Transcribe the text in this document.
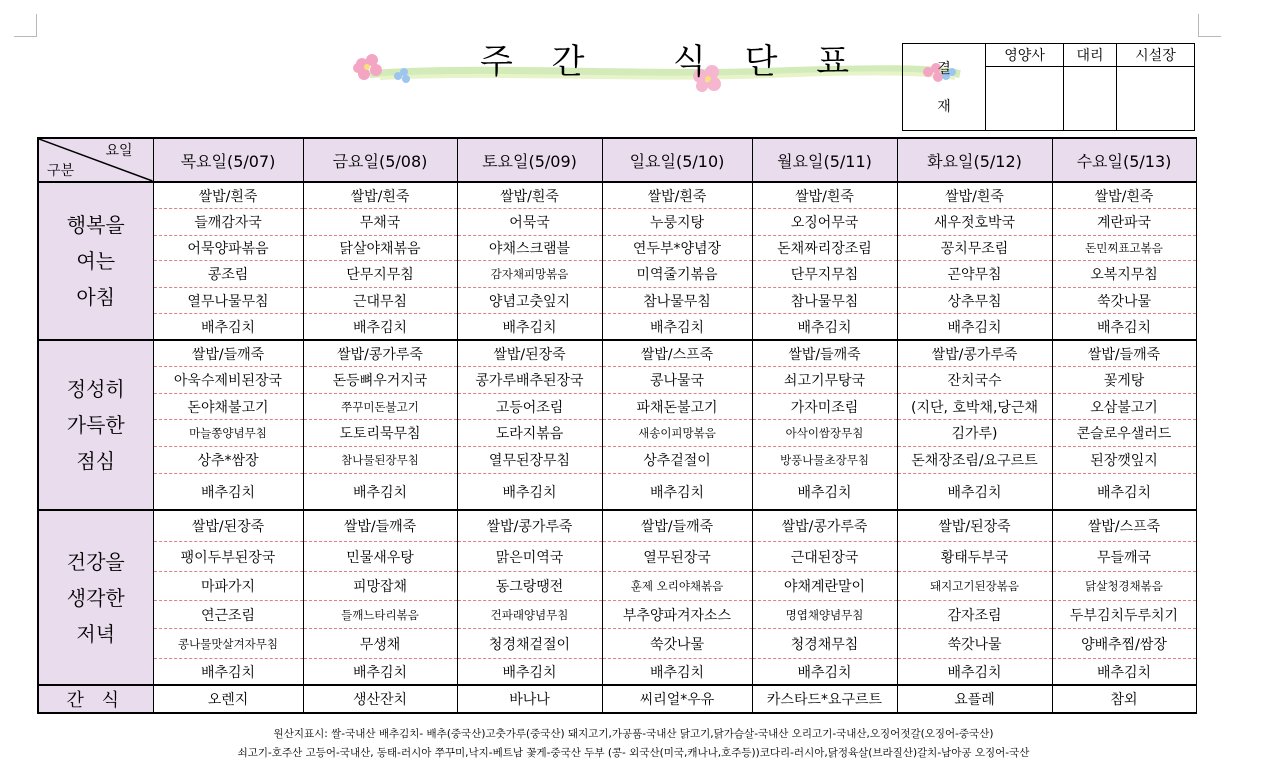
주 간   식 단 표	결
재	영양사	대리	시설장

요일
구분	목요일(5/07)	금요일(5/08)	토요일(5/09)	일요일(5/10)	월요일(5/11)	화요일(5/12)	수요일(5/13)

행복을
여는
아침	쌀밥/흰죽	쌀밥/흰죽	쌀밥/흰죽	쌀밥/흰죽	쌀밥/흰죽	쌀밥/흰죽	쌀밥/흰죽
	들깨감자국	무채국	어묵국	누룽지탕	오징어무국	새우젓호박국	계란파국
	어묵양파볶음	닭살야채볶음	야채스크램블	연두부*양념장	돈채짜리장조림	꽁치무조림	돈민찌표고볶음
	콩조림	단무지무침	감자채피망볶음	미역줄기볶음	단무지무침	곤약무침	오복지무침
	열무나물무침	근대무침	양념고춧잎지	참나물무침	참나물무침	상추무침	쑥갓나물
	배추김치	배추김치	배추김치	배추김치	배추김치	배추김치	배추김치

정성히
가득한
점심	쌀밥/들깨죽	쌀밥/콩가루죽	쌀밥/된장죽	쌀밥/스프죽	쌀밥/들깨죽	쌀밥/콩가루죽	쌀밥/들깨죽
	아욱수제비된장국	돈등뼈우거지국	콩가루배추된장국	콩나물국	쇠고기무탕국	잔치국수	꽃게탕
	돈야채불고기	쭈꾸미돈불고기	고등어조림	파채돈불고기	가자미조림	(지단, 호박채,당근채	오삼불고기
	마늘쫑양념무침	도토리묵무침	도라지볶음	새송이피망볶음	아삭이쌈장무침	김가루)	콘슬로우샐러드
	상추*쌈장	참나물된장무침	열무된장무침	상추겉절이	방풍나물초장무침	돈채장조림/요구르트	된장깻잎지
	배추김치	배추김치	배추김치	배추김치	배추김치	배추김치	배추김치

건강을
생각한
저녁	쌀밥/된장죽	쌀밥/들깨죽	쌀밥/콩가루죽	쌀밥/들깨죽	쌀밥/콩가루죽	쌀밥/된장죽	쌀밥/스프죽
	팽이두부된장국	민물새우탕	맑은미역국	열무된장국	근대된장국	황태두부국	무들깨국
	마파가지	피망잡채	동그랑땡전	훈제 오리야채볶음	야채계란말이	돼지고기된장볶음	닭살청경채볶음
	연근조림	들깨느타리볶음	건파래양념무침	부추양파겨자소스	명엽채양념무침	감자조림	두부김치두루치기
	콩나물맛살겨자무침	무생채	청경채겉절이	쑥갓나물	청경채무침	쑥갓나물	양배추찜/쌈장
	배추김치	배추김치	배추김치	배추김치	배추김치	배추김치	배추김치
간 식	오렌지	생산잔치	바나나	씨리얼*우유	카스타드*요구르트	요플레	참외
원산지표시: 쌀-국내산 배추김치- 배추(중국산)고춧가루(중국산) 돼지고기,가공품-국내산 닭고기,닭가슴살-국내산 오리고기-국내산,오징어젓갈(오징어-중국산)
쇠고기-호주산 고등어-국내산, 동태-러시아 쭈꾸미,낙지-베트남 꽃게-중국산 두부 (콩- 외국산(미국,캐나나,호주등))코다리-러시아,닭정육살(브라질산)갈치-남아공 오징어-국산
